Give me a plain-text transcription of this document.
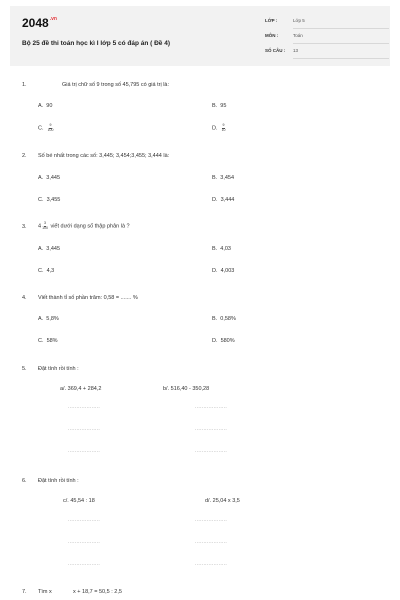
$2048^{.vn}$
Bộ 25 đề thi toán học kì I lớp 5 có đáp án ( Đề 4)
LỚP :	Lớp 5
MÔN :	Toán
SỐ CÂU :	13
1.	Giá trị chữ số 9 trong số 45,795 có giá trị là:
A. 90	B. 95
C. $\frac{9}{100}$	D. $\frac{9}{10}$
2. Số bé nhất trong các số: 3,445; 3,454;3,455; 3,444 là:
A. 3,445	B. 3,454
C. 3,455	D. 3,444
3. $4 \frac{3}{100}$ viết dưới dạng số thập phân là ?
A. 3,445	B. 4,03
C. 4,3	D. 4,003
4. Viết thành tỉ số phần trăm: 0,58 = ....... %
A. 5,8%	B. 0,58%
C. 58%	D. 580%
5. Đặt tính rồi tính :
a/. 369,4 + 284,2	b/. 516,40 - 350,28
...................	...................
...................	...................
...................	...................
6. Đặt tính rồi tính :
c/. 45,54 : 18	d/. 25,04 x 3,5
...................	...................
...................	...................
...................	...................
7. Tìm x	x + 18,7 = 50,5 : 2,5
